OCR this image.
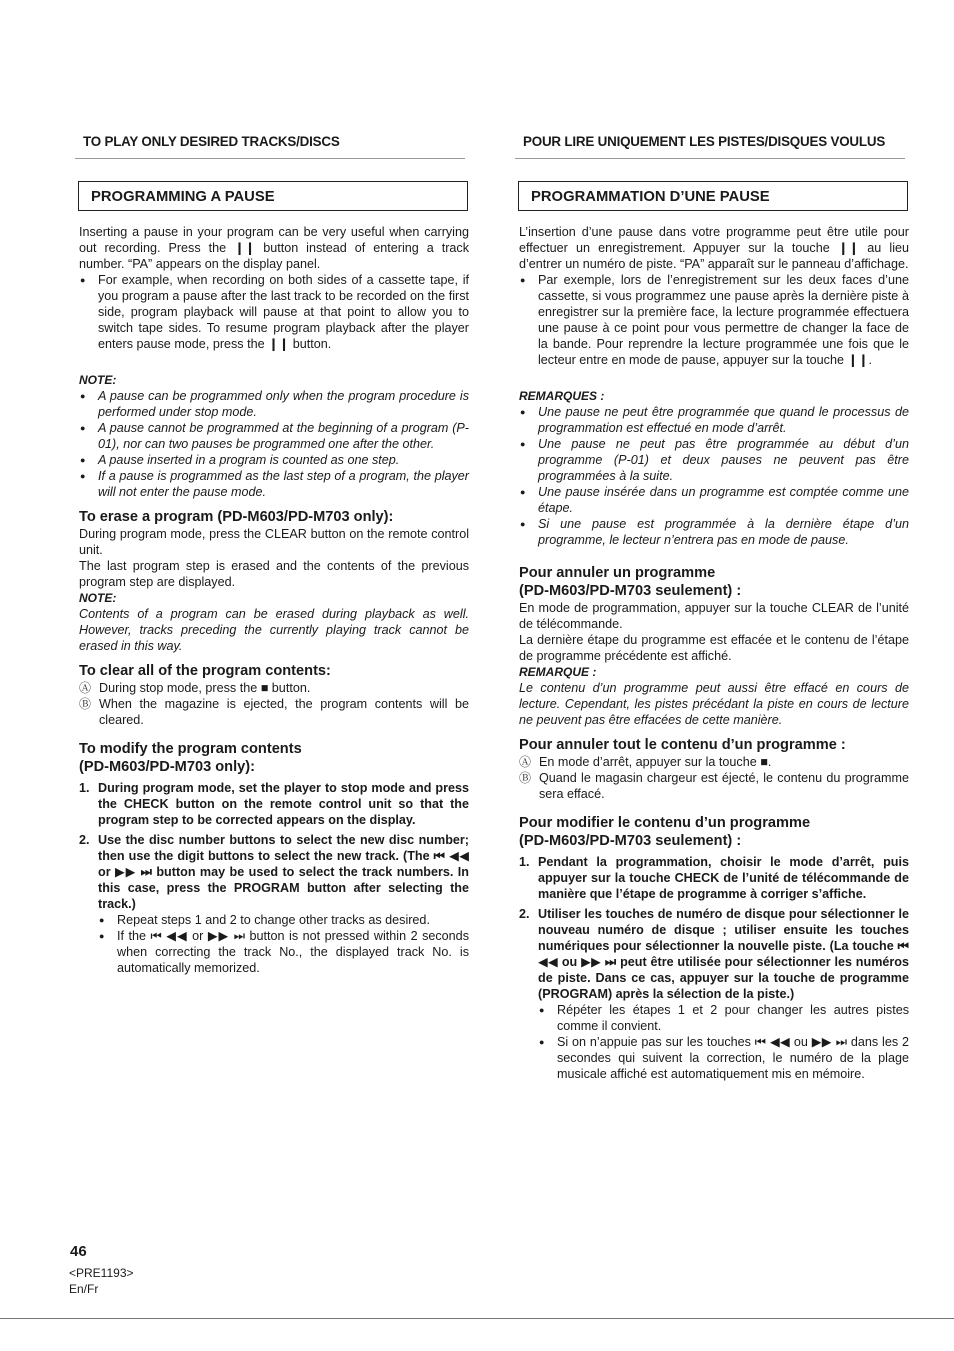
TO PLAY ONLY DESIRED TRACKS/DISCS
PROGRAMMING A PAUSE

Inserting a pause in your program can be very useful when carrying out recording. Press the ❙❙ button instead of entering a track number. “PA” appears on the display panel.

● For example, when recording on both sides of a cassette tape, if you program a pause after the last track to be recorded on the first side, program playback will pause at that point to allow you to switch tape sides. To resume program playback after the player enters pause mode, press the ❙❙ button.
NOTE:
● A pause can be programmed only when the program procedure is performed under stop mode.
● A pause cannot be programmed at the beginning of a program (P-01), nor can two pauses be programmed one after the other.
● A pause inserted in a program is counted as one step.
● If a pause is programmed as the last step of a program, the player will not enter the pause mode.
To erase a program (PD-M603/PD-M703 only):

During program mode, press the CLEAR button on the remote control unit.

The last program step is erased and the contents of the previous program step are displayed.

NOTE:

Contents of a program can be erased during playback as well. However, tracks preceding the currently playing track cannot be erased in this way.

To clear all of the program contents:
Ⓐ During stop mode, press the ■ button.
Ⓑ When the magazine is ejected, the program contents will be cleared.
To modify the program contents
(PD-M603/PD-M703 only):
1. During program mode, set the player to stop mode and press the CHECK button on the remote control unit so that the program step to be corrected appears on the display.
2. Use the disc number buttons to select the new disc number; then use the digit buttons to select the new track. (The ⏮ ◀◀ or ▶▶ ⏭ button may be used to select the track numbers. In this case, press the PROGRAM button after selecting the track.)
● Repeat steps 1 and 2 to change other tracks as desired.
● If the ⏮ ◀◀ or ▶▶ ⏭ button is not pressed within 2 seconds when correcting the track No., the displayed track No. is automatically memorized.
POUR LIRE UNIQUEMENT LES PISTES/DISQUES VOULUS
PROGRAMMATION D’UNE PAUSE

L’insertion d’une pause dans votre programme peut être utile pour effectuer un enregistrement. Appuyer sur la touche ❙❙ au lieu d’entrer un numéro de piste. “PA” apparaît sur le panneau d’affichage.

● Par exemple, lors de l’enregistrement sur les deux faces d’une cassette, si vous programmez une pause après la dernière piste à enregistrer sur la première face, la lecture programmée effectuera une pause à ce point pour vous permettre de changer la face de la bande. Pour reprendre la lecture programmée une fois que le lecteur entre en mode de pause, appuyer sur la touche ❙❙.
REMARQUES :
● Une pause ne peut être programmée que quand le processus de programmation est effectué en mode d’arrêt.
● Une pause ne peut pas être programmée au début d’un programme (P-01) et deux pauses ne peuvent pas être programmées à la suite.
● Une pause insérée dans un programme est comptée comme une étape.
● Si une pause est programmée à la dernière étape d’un programme, le lecteur n’entrera pas en mode de pause.
Pour annuler un programme
(PD-M603/PD-M703 seulement) :

En mode de programmation, appuyer sur la touche CLEAR de l’unité de télécommande.

La dernière étape du programme est effacée et le contenu de l’étape de programme précédente est affiché.

REMARQUE :

Le contenu d’un programme peut aussi être effacé en cours de lecture. Cependant, les pistes précédant la piste en cours de lecture ne peuvent pas être effacées de cette manière.

Pour annuler tout le contenu d’un programme :
Ⓐ En mode d’arrêt, appuyer sur la touche ■.
Ⓑ Quand le magasin chargeur est éjecté, le contenu du programme sera effacé.
Pour modifier le contenu d’un programme
(PD-M603/PD-M703 seulement) :
1. Pendant la programmation, choisir le mode d’arrêt, puis appuyer sur la touche CHECK de l’unité de télécommande de manière que l’étape de programme à corriger s’affiche.
2. Utiliser les touches de numéro de disque pour sélectionner le nouveau numéro de disque ; utiliser ensuite les touches numériques pour sélectionner la nouvelle piste. (La touche ⏮ ◀◀ ou ▶▶ ⏭ peut être utilisée pour sélectionner les numéros de piste. Dans ce cas, appuyer sur la touche de programme (PROGRAM) après la sélection de la piste.)
● Répéter les étapes 1 et 2 pour changer les autres pistes comme il convient.
● Si on n’appuie pas sur les touches ⏮ ◀◀ ou ▶▶ ⏭ dans les 2 secondes qui suivent la correction, le numéro de la plage musicale affiché est automatiquement mis en mémoire.
46
<PRE1193>
En/Fr
